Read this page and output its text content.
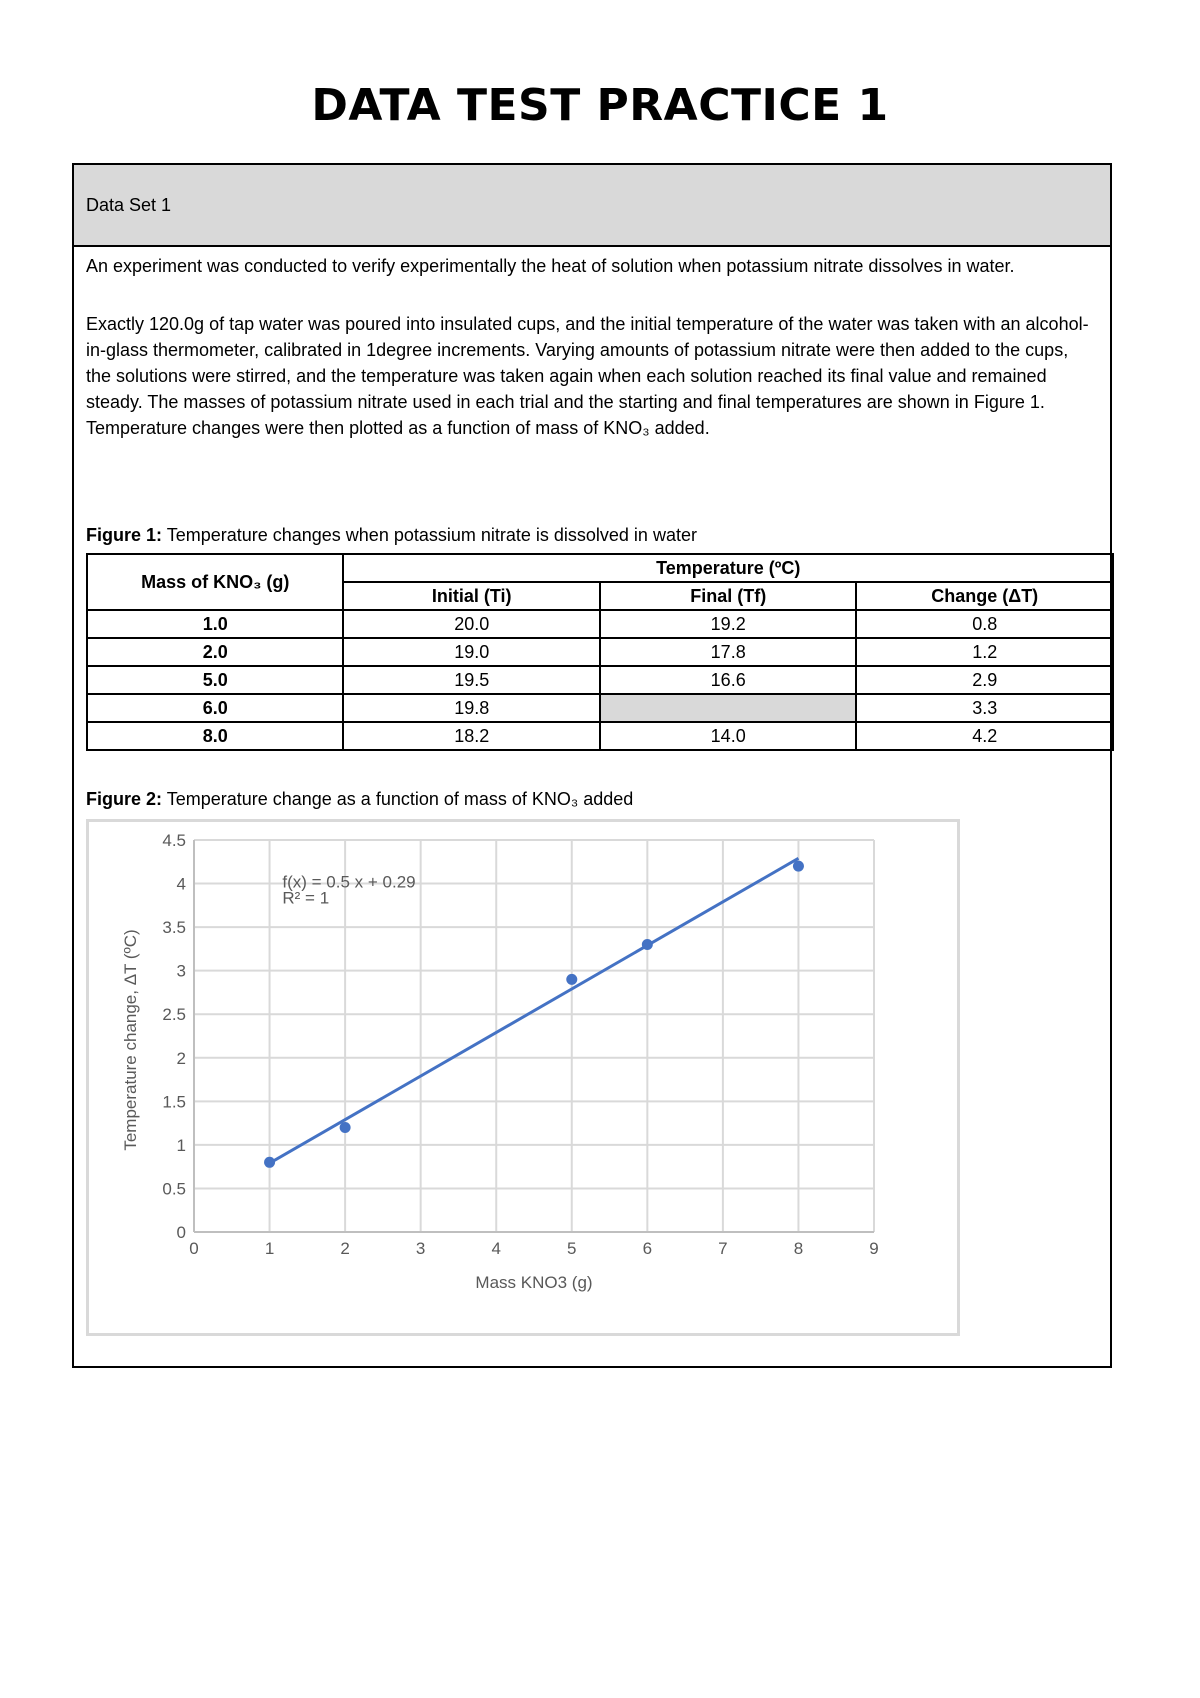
DATA TEST PRACTICE 1
Data Set 1

An experiment was conducted to verify experimentally the heat of solution when potassium nitrate dissolves in water.

Exactly 120.0g of tap water was poured into insulated cups, and the initial temperature of the water was taken with an alcohol-in-glass thermometer, calibrated in 1degree increments. Varying amounts of potassium nitrate were then added to the cups, the solutions were stirred, and the temperature was taken again when each solution reached its final value and remained steady. The masses of potassium nitrate used in each trial and the starting and final temperatures are shown in Figure 1. Temperature changes were then plotted as a function of mass of KNO₃ added.

Figure 1: Temperature changes when potassium nitrate is dissolved in water
Mass of KNO₃ (g)	Temperature (ºC)		
	Initial (Ti)	Final (Tf)	Change (ΔT)
1.0	20.0	19.2	0.8
2.0	19.0	17.8	1.2
5.0	19.5	16.6	2.9
6.0	19.8		3.3
8.0	18.2	14.0	4.2
Figure 2: Temperature change as a function of mass of KNO₃ added
0
0.5
1
1.5
2
2.5
3
3.5
4
4.5
0	1	2	3	4	5	6	7	8	9
f(x) = 0.5 x + 0.29
R² = 1
Mass KNO3 (g)
Temperature change, ΔT (ºC)
